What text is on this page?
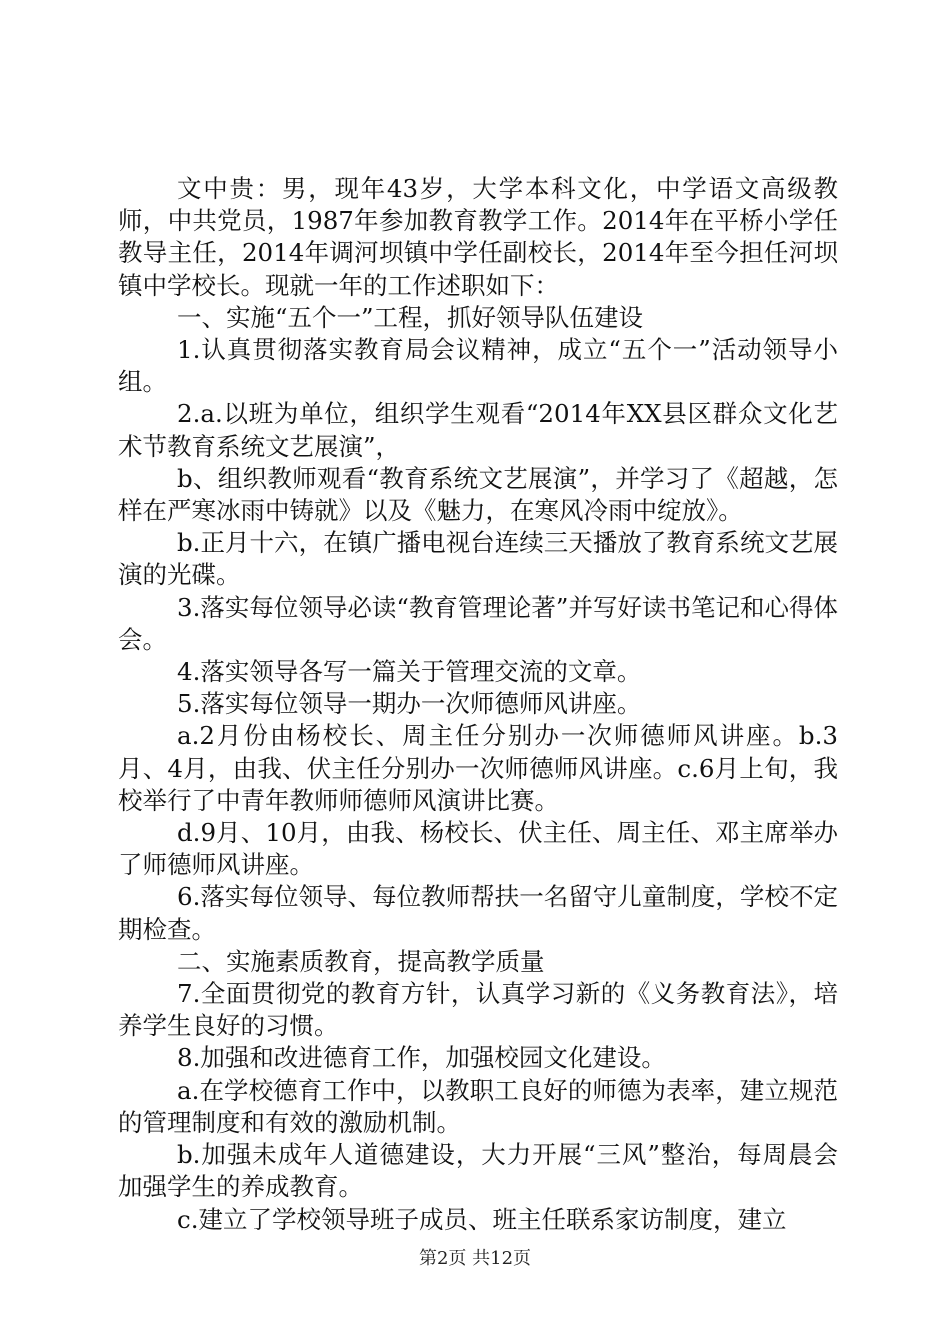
文中贵：男，现年43岁，大学本科文化，中学语文高级教师，中共党员，1987年参加教育教学工作。2014年在平桥小学任教导主任，2014年调河坝镇中学任副校长，2014年至今担任河坝镇中学校长。现就一年的工作述职如下：

一、实施“五个一”工程，抓好领导队伍建设

1.认真贯彻落实教育局会议精神，成立“五个一”活动领导小组。

2.a.以班为单位，组织学生观看“2014年XX县区群众文化艺术节教育系统文艺展演”，

b、组织教师观看“教育系统文艺展演”，并学习了《超越，怎样在严寒冰雨中铸就》以及《魅力，在寒风冷雨中绽放》。

b.正月十六，在镇广播电视台连续三天播放了教育系统文艺展演的光碟。

3.落实每位领导必读“教育管理论著”并写好读书笔记和心得体会。

4.落实领导各写一篇关于管理交流的文章。

5.落实每位领导一期办一次师德师风讲座。

a.2月份由杨校长、周主任分别办一次师德师风讲座。b.3月、4月，由我、伏主任分别办一次师德师风讲座。c.6月上旬，我校举行了中青年教师师德师风演讲比赛。

d.9月、10月，由我、杨校长、伏主任、周主任、邓主席举办了师德师风讲座。

6.落实每位领导、每位教师帮扶一名留守儿童制度，学校不定期检查。

二、实施素质教育，提高教学质量

7.全面贯彻党的教育方针，认真学习新的《义务教育法》，培养学生良好的习惯。

8.加强和改进德育工作，加强校园文化建设。

a.在学校德育工作中，以教职工良好的师德为表率，建立规范的管理制度和有效的激励机制。

b.加强未成年人道德建设，大力开展“三风”整治，每周晨会加强学生的养成教育。

c.建立了学校领导班子成员、班主任联系家访制度，建立

第2页 共12页
